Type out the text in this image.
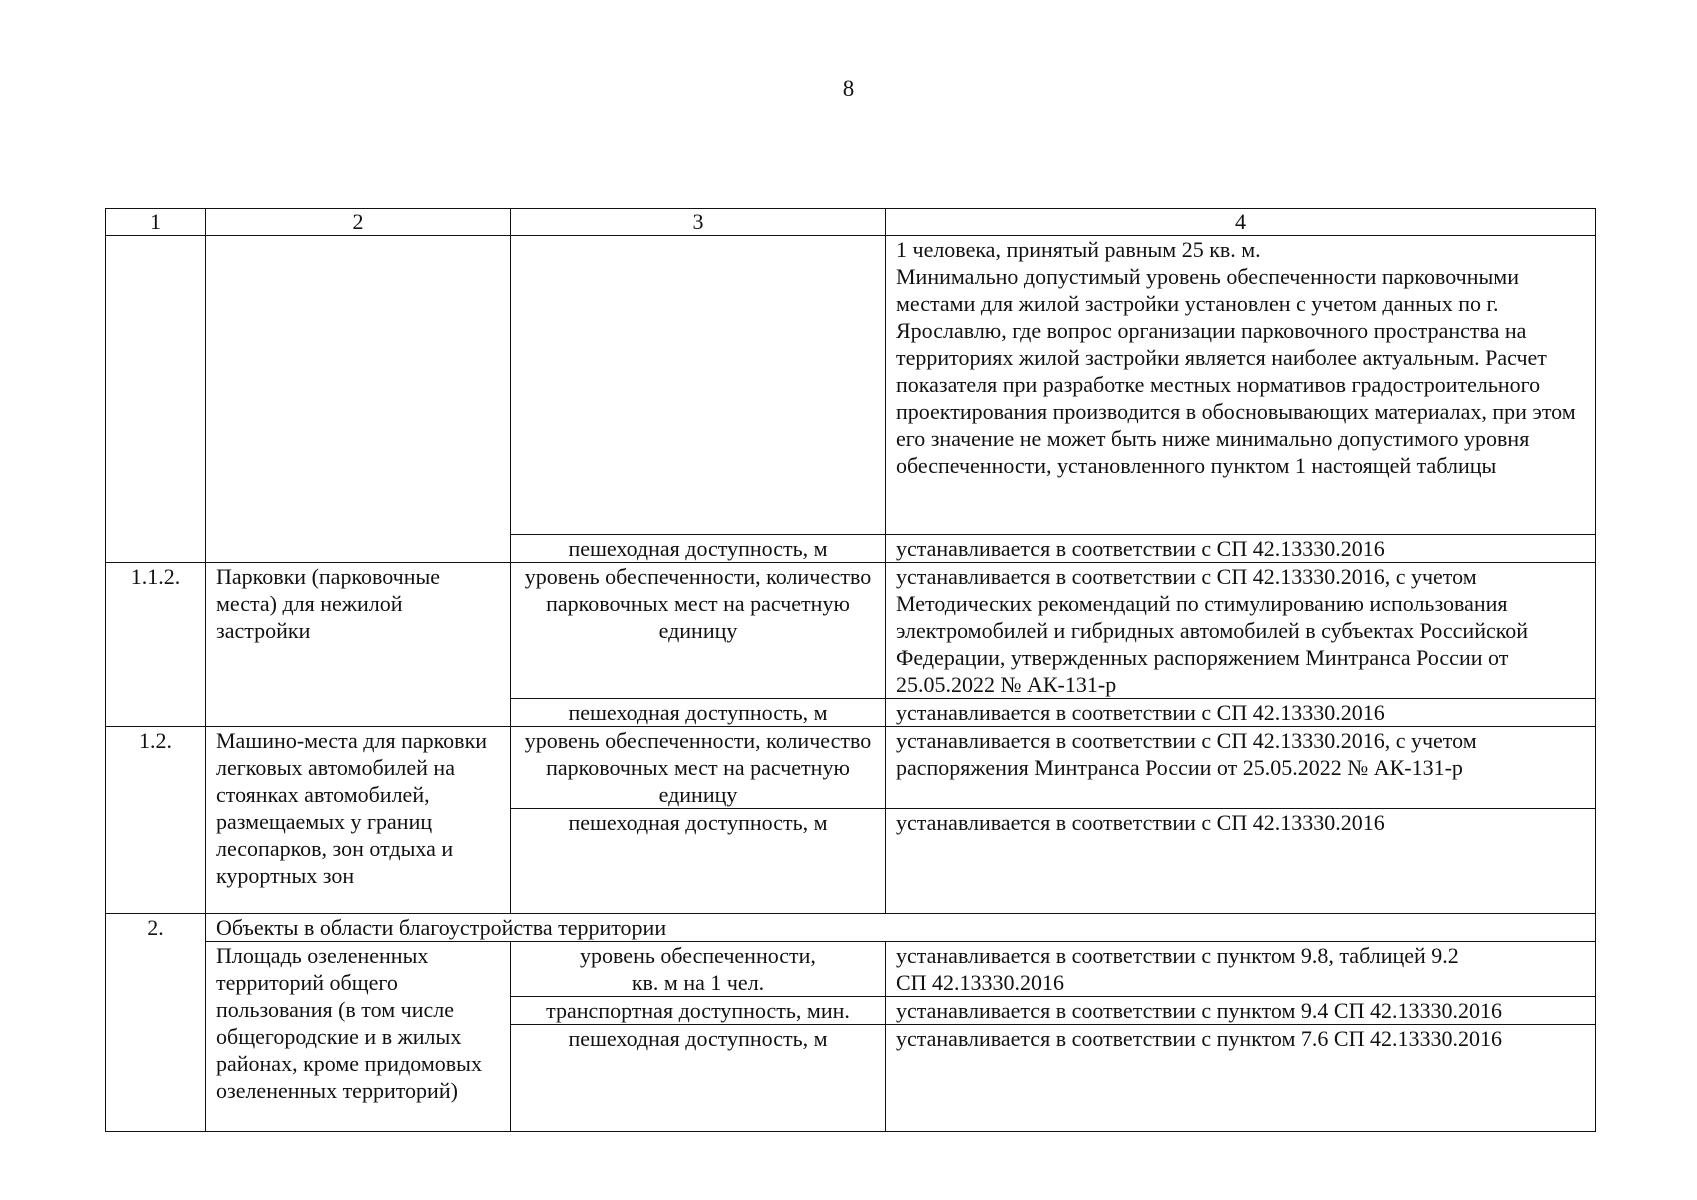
8
1	2	3	4
			1 человека, принятый равным 25 кв. м.
Минимально допустимый уровень обеспеченности парковочными местами для жилой застройки установлен с учетом данных по г. Ярославлю, где вопрос организации парковочного пространства на территориях жилой застройки является наиболее актуальным. Расчет показателя при разработке местных нормативов градостроительного проектирования производится в обосновывающих материалах, при этом его значение не может быть ниже минимально допустимого уровня обеспеченности, установленного пунктом 1 настоящей таблицы
		пешеходная доступность, м	устанавливается в соответствии с СП 42.13330.2016
1.1.2.	Парковки (парковочные места) для нежилой застройки	уровень обеспеченности, количество парковочных мест на расчетную единицу	устанавливается в соответствии с СП 42.13330.2016, с учетом Методических рекомендаций по стимулированию использования электромобилей и гибридных автомобилей в субъектах Российской Федерации, утвержденных распоряжением Минтранса России от 25.05.2022 № АК-131-р
		пешеходная доступность, м	устанавливается в соответствии с СП 42.13330.2016
1.2.	Машино-места для парковки легковых автомобилей на стоянках автомобилей, размещаемых у границ лесопарков, зон отдыха и курортных зон	уровень обеспеченности, количество парковочных мест на расчетную единицу	устанавливается в соответствии с СП 42.13330.2016, с учетом распоряжения Минтранса России от 25.05.2022 № АК-131-р
		пешеходная доступность, м	устанавливается в соответствии с СП 42.13330.2016
2.	Объекты в области благоустройства территории		
	Площадь озелененных территорий общего пользования (в том числе общегородские и в жилых районах, кроме придомовых озелененных территорий)	уровень обеспеченности,
кв. м на 1 чел.	устанавливается в соответствии с пунктом 9.8, таблицей 9.2
СП 42.13330.2016
		транспортная доступность, мин.	устанавливается в соответствии с пунктом 9.4 СП 42.13330.2016
		пешеходная доступность, м	устанавливается в соответствии с пунктом 7.6 СП 42.13330.2016
